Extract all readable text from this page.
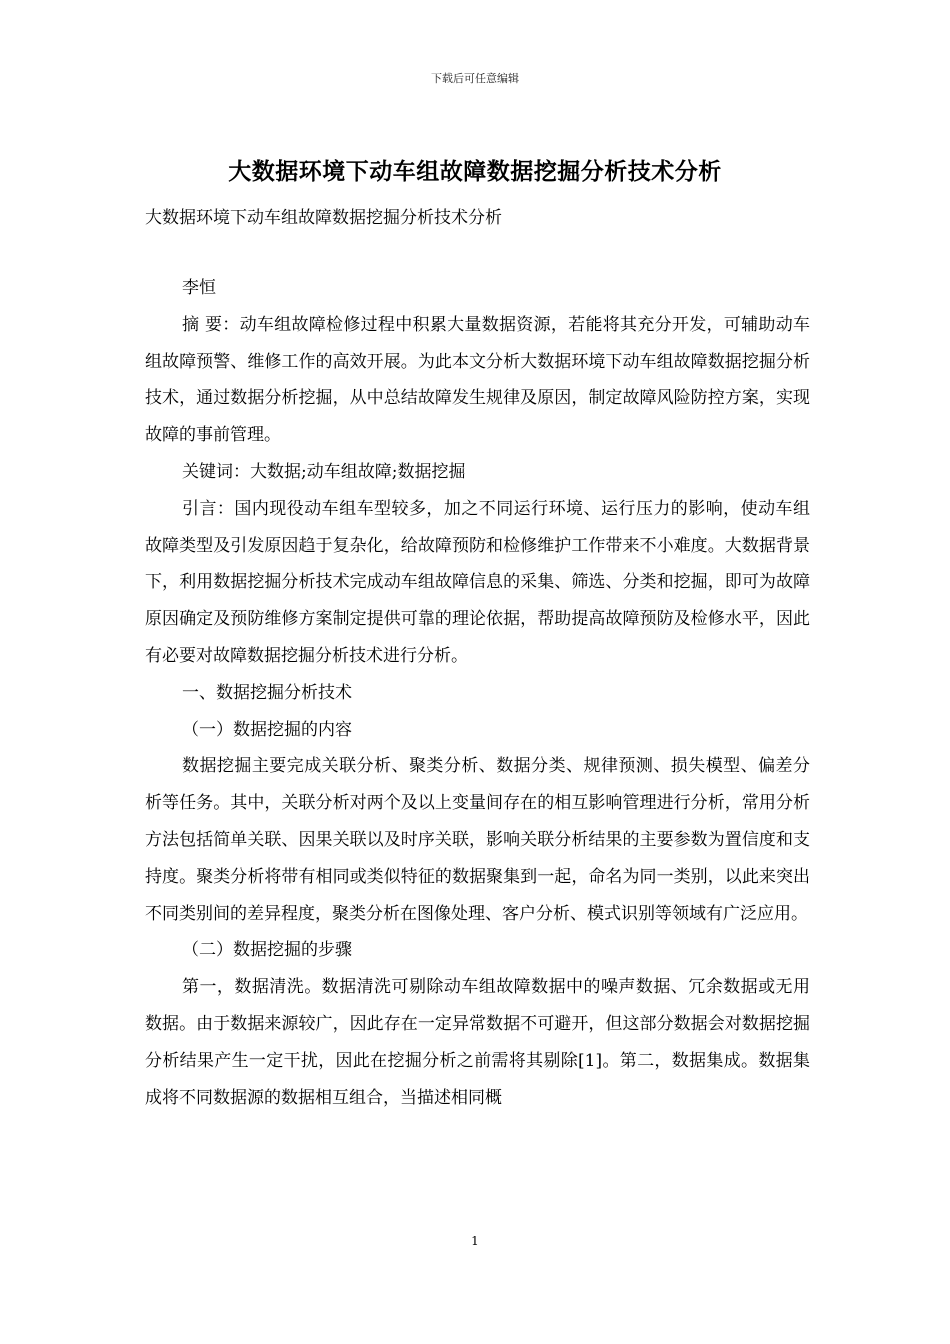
下载后可任意编辑
大数据环境下动车组故障数据挖掘分析技术分析
大数据环境下动车组故障数据挖掘分析技术分析

李恒

摘 要：动车组故障检修过程中积累大量数据资源，若能将其充分开发，可辅助动车组故障预警、维修工作的高效开展。为此本文分析大数据环境下动车组故障数据挖掘分析技术，通过数据分析挖掘，从中总结故障发生规律及原因，制定故障风险防控方案，实现故障的事前管理。

关键词：大数据;动车组故障;数据挖掘

引言：国内现役动车组车型较多，加之不同运行环境、运行压力的影响，使动车组故障类型及引发原因趋于复杂化，给故障预防和检修维护工作带来不小难度。大数据背景下，利用数据挖掘分析技术完成动车组故障信息的采集、筛选、分类和挖掘，即可为故障原因确定及预防维修方案制定提供可靠的理论依据，帮助提高故障预防及检修水平，因此有必要对故障数据挖掘分析技术进行分析。

一、数据挖掘分析技术

（一）数据挖掘的内容

数据挖掘主要完成关联分析、聚类分析、数据分类、规律预测、损失模型、偏差分析等任务。其中，关联分析对两个及以上变量间存在的相互影响管理进行分析，常用分析方法包括简单关联、因果关联以及时序关联，影响关联分析结果的主要参数为置信度和支持度。聚类分析将带有相同或类似特征的数据聚集到一起，命名为同一类别，以此来突出不同类别间的差异程度，聚类分析在图像处理、客户分析、模式识别等领域有广泛应用。

（二）数据挖掘的步骤

第一，数据清洗。数据清洗可剔除动车组故障数据中的噪声数据、冗余数据或无用数据。由于数据来源较广，因此存在一定异常数据不可避开，但这部分数据会对数据挖掘分析结果产生一定干扰，因此在挖掘分析之前需将其剔除[1]。第二，数据集成。数据集成将不同数据源的数据相互组合，当描述相同概

1
